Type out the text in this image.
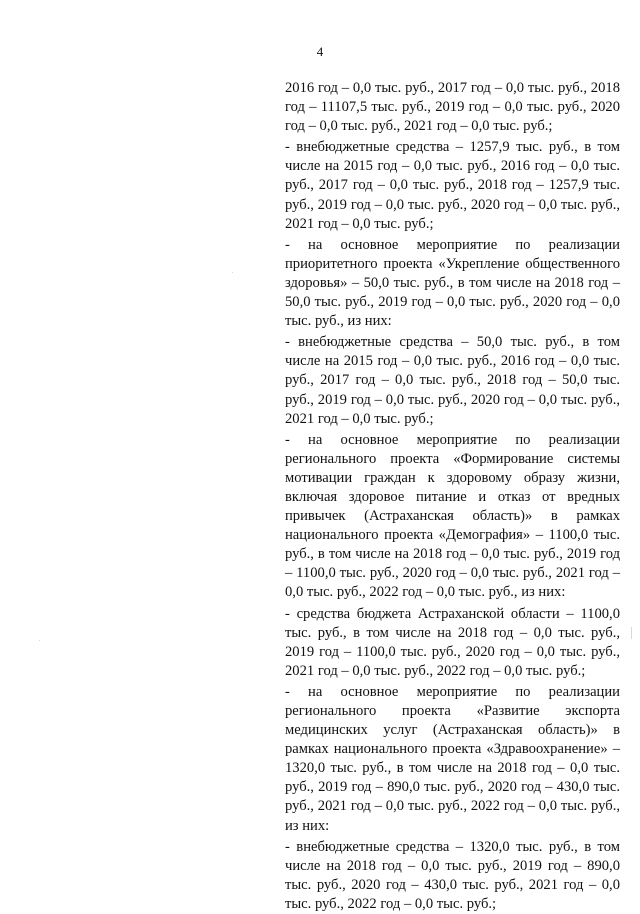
4

2016 год – 0,0 тыс. руб., 2017 год – 0,0 тыс. руб., 2018 год – 11107,5 тыс. руб., 2019 год – 0,0 тыс. руб., 2020 год – 0,0 тыс. руб., 2021 год – 0,0 тыс. руб.;

- внебюджетные средства – 1257,9 тыс. руб., в том числе на 2015 год – 0,0 тыс. руб., 2016 год – 0,0 тыс. руб., 2017 год – 0,0 тыс. руб., 2018 год – 1257,9 тыс. руб., 2019 год – 0,0 тыс. руб., 2020 год – 0,0 тыс. руб., 2021 год – 0,0 тыс. руб.;

- на основное мероприятие по реализации приоритетного проекта «Укрепление общественного здоровья» – 50,0 тыс. руб., в том числе на 2018 год – 50,0 тыс. руб., 2019 год – 0,0 тыс. руб., 2020 год – 0,0 тыс. руб., из них:

- внебюджетные средства – 50,0 тыс. руб., в том числе на 2015 год – 0,0 тыс. руб., 2016 год – 0,0 тыс. руб., 2017 год – 0,0 тыс. руб., 2018 год – 50,0 тыс. руб., 2019 год – 0,0 тыс. руб., 2020 год – 0,0 тыс. руб., 2021 год – 0,0 тыс. руб.;

- на основное мероприятие по реализации регионального проекта «Формирование системы мотивации граждан к здоровому образу жизни, включая здоровое питание и отказ от вредных привычек (Астраханская область)» в рамках национального проекта «Демография» – 1100,0 тыс. руб., в том числе на 2018 год – 0,0 тыс. руб., 2019 год – 1100,0 тыс. руб., 2020 год – 0,0 тыс. руб., 2021 год – 0,0 тыс. руб., 2022 год – 0,0 тыс. руб., из них:

- средства бюджета Астраханской области – 1100,0 тыс. руб., в том числе на 2018 год – 0,0 тыс. руб., 2019 год – 1100,0 тыс. руб., 2020 год – 0,0 тыс. руб., 2021 год – 0,0 тыс. руб., 2022 год – 0,0 тыс. руб.;

- на основное мероприятие по реализации регионального проекта «Развитие экспорта медицинских услуг (Астраханская область)» в рамках национального проекта «Здравоохранение» – 1320,0 тыс. руб., в том числе на 2018 год – 0,0 тыс. руб., 2019 год – 890,0 тыс. руб., 2020 год – 430,0 тыс. руб., 2021 год – 0,0 тыс. руб., 2022 год – 0,0 тыс. руб., из них:

- внебюджетные средства – 1320,0 тыс. руб., в том числе на 2018 год – 0,0 тыс. руб., 2019 год – 890,0 тыс. руб., 2020 год – 430,0 тыс. руб., 2021 год – 0,0 тыс. руб., 2022 год – 0,0 тыс. руб.;
